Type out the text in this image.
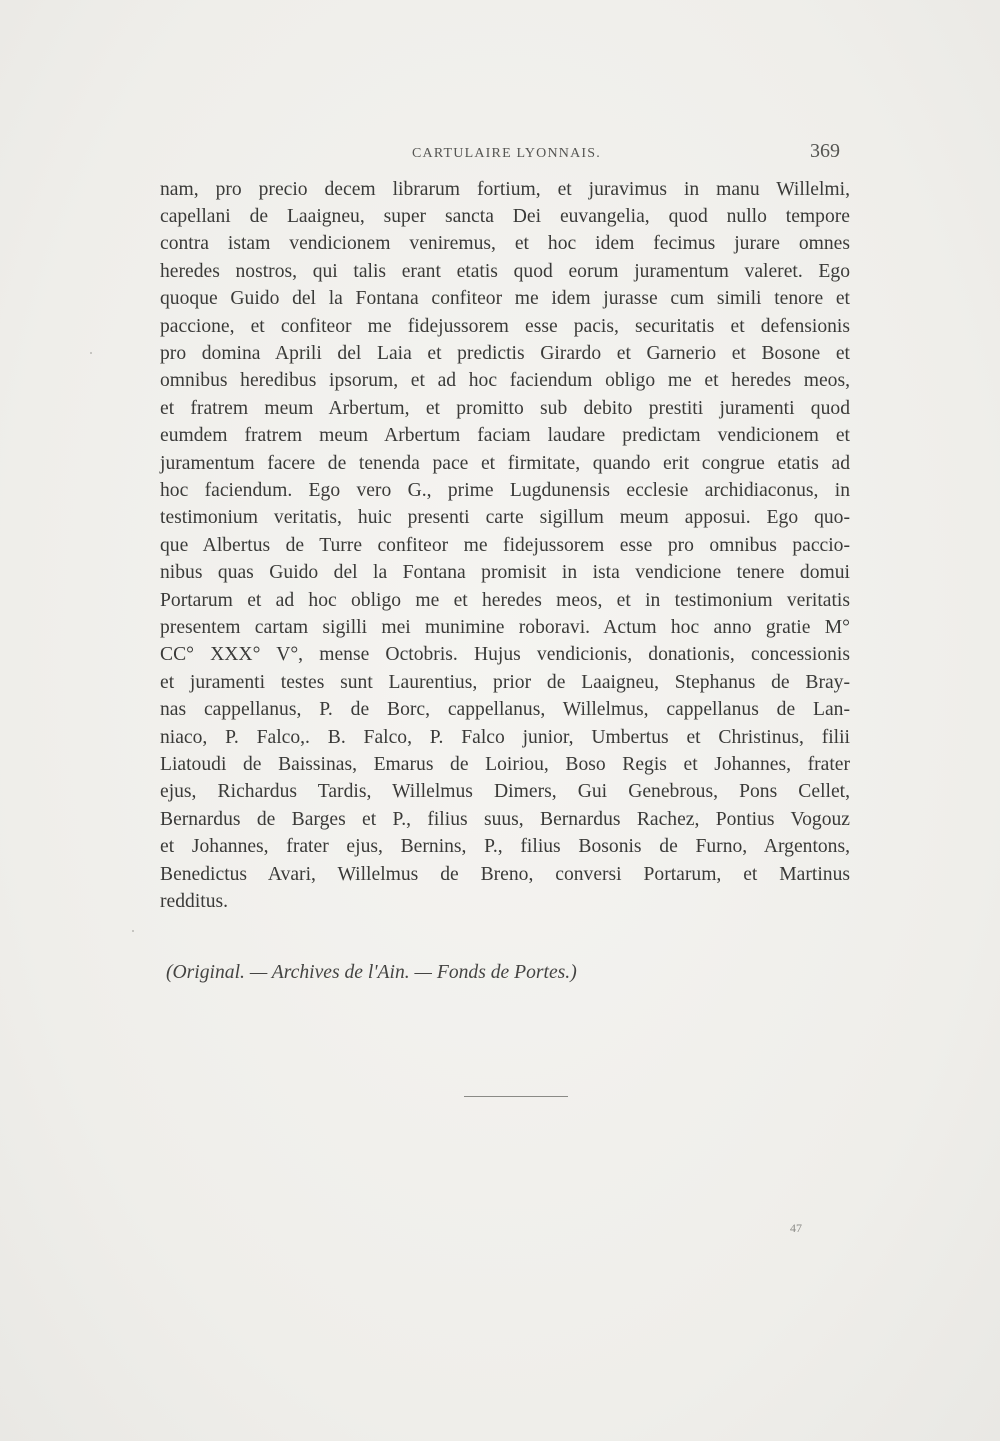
CARTULAIRE LYONNAIS.	369
nam, pro precio decem librarum fortium, et juravimus in manu Willelmi,
capellani de Laaigneu, super sancta Dei euvangelia, quod nullo tempore
contra istam vendicionem veniremus, et hoc idem fecimus jurare omnes
heredes nostros, qui talis erant etatis quod eorum juramentum valeret. Ego
quoque Guido del la Fontana confiteor me idem jurasse cum simili tenore et
paccione, et confiteor me fidejussorem esse pacis, securitatis et defensionis
pro domina Aprili del Laia et predictis Girardo et Garnerio et Bosone et
omnibus heredibus ipsorum, et ad hoc faciendum obligo me et heredes meos,
et fratrem meum Arbertum, et promitto sub debito prestiti juramenti quod
eumdem fratrem meum Arbertum faciam laudare predictam vendicionem et
juramentum facere de tenenda pace et firmitate, quando erit congrue etatis ad
hoc faciendum. Ego vero G., prime Lugdunensis ecclesie archidiaconus, in
testimonium veritatis, huic presenti carte sigillum meum apposui. Ego quo-
que Albertus de Turre confiteor me fidejussorem esse pro omnibus paccio-
nibus quas Guido del la Fontana promisit in ista vendicione tenere domui
Portarum et ad hoc obligo me et heredes meos, et in testimonium veritatis
presentem cartam sigilli mei munimine roboravi. Actum hoc anno gratie M°
CC° XXX° V°, mense Octobris. Hujus vendicionis, donationis, concessionis
et juramenti testes sunt Laurentius, prior de Laaigneu, Stephanus de Bray-
nas cappellanus, P. de Borc, cappellanus, Willelmus, cappellanus de Lan-
niaco, P. Falco,. B. Falco, P. Falco junior, Umbertus et Christinus, filii
Liatoudi de Baissinas, Emarus de Loiriou, Boso Regis et Johannes, frater
ejus, Richardus Tardis, Willelmus Dimers, Gui Genebrous, Pons Cellet,
Bernardus de Barges et P., filius suus, Bernardus Rachez, Pontius Vogouz
et Johannes, frater ejus, Bernins, P., filius Bosonis de Furno, Argentons,
Benedictus Avari, Willelmus de Breno, conversi Portarum, et Martinus
redditus.
(Original. — Archives de l'Ain. — Fonds de Portes.)
47
